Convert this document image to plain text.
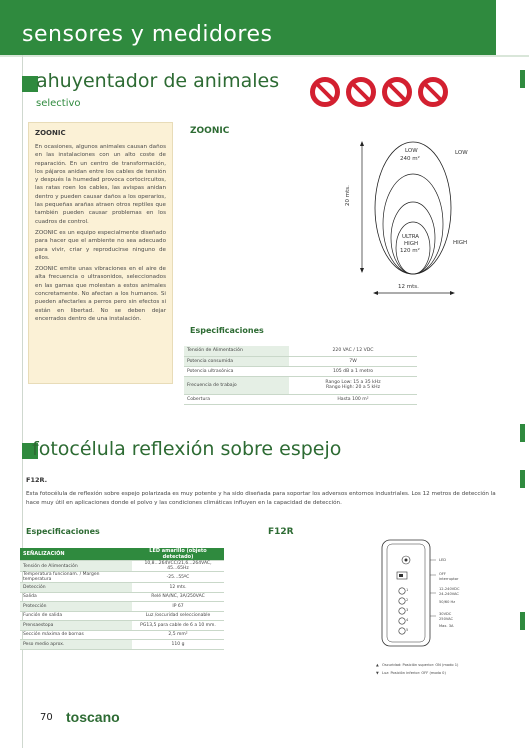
sensores y medidores
ahuyentador de animales
selectivo
ZOONIC

En ocasiones, algunos animales causan daños en las instalaciones con un alto coste de reparación. En un centro de transformación, los pájaros anidan entre los cables de tensión y después la humedad provoca cortocircuitos, las ratas roen los cables, las avispas anidan dentro y pueden causar daños a los operarios, las pequeñas arañas atraen otros reptiles que también pueden causar problemas en los cuadros de control.

ZOONIC es un equipo especialmente diseñado para hacer que el ambiente no sea adecuado para vivir, criar y reproducirse ninguno de ellos.

ZOONIC emite unas vibraciones en el aire de alta frecuencia o ultrasonidos, seleccionados en las gamas que molestan a estos animales concretamente. No afectan a los humanos. Si pueden afectarles a perros pero sin efectos si están en libertad. No se deben dejar encerrados dentro de una instalación.

ZOONIC
LOW
240 m²
LOW
ULTRA
HIGH
120 m²
HIGH
20 mts.
12 mts.
Especificaciones
Tensión de Alimentación	220 VAC / 12 VDC
Potencia consumida	7W
Potencia ultrasónica	105 dB a 1 metro
Frecuencia de trabajo	Rango Low: 15 a 35 kHz
Rango High: 20 a 5 kHz

Cobertura	Hasta 100 m²
fotocélula reflexión sobre espejo
F12R.
Esta fotocélula de reflexión sobre espejo polarizada es muy potente y ha sido diseñada para soportar los adversos entornos industriales. Los 12 metros de detección la hace muy útil en aplicaciones donde el polvo y las condiciones climáticas influyen en la capacidad de detección.
Especificaciones	F12R
SEÑALIZACIÓN	LED amarillo (objeto detectado)
Tensión de Alimentación	10,8...264VCC/21,6...264VAC, 45...65Hz
Temperatura funcionam. / Margen temperatura	-25...55ºC
Detección	12 mts.
Salida	Relé NA/NC, 3A/250VAC
Protección	IP 67
Función de salida	Luz /oscuridad seleccionable
Prensaestopa	PG13,5 para cable de 6 a 10 mm.
Sección máxima de bornas	2,5 mm²
Peso medio aprox.	110 g
1
2
3
4
5
LED
OFF
interruptor
12-240VDC
24-240VAC
50/60 Hz
30VDC
250VAC
Max. 3A
▲ Oscuridad: Posición superior: ON (modo 1)
▼ Luz: Posición inferior: OFF (modo 0)
70 toscano
